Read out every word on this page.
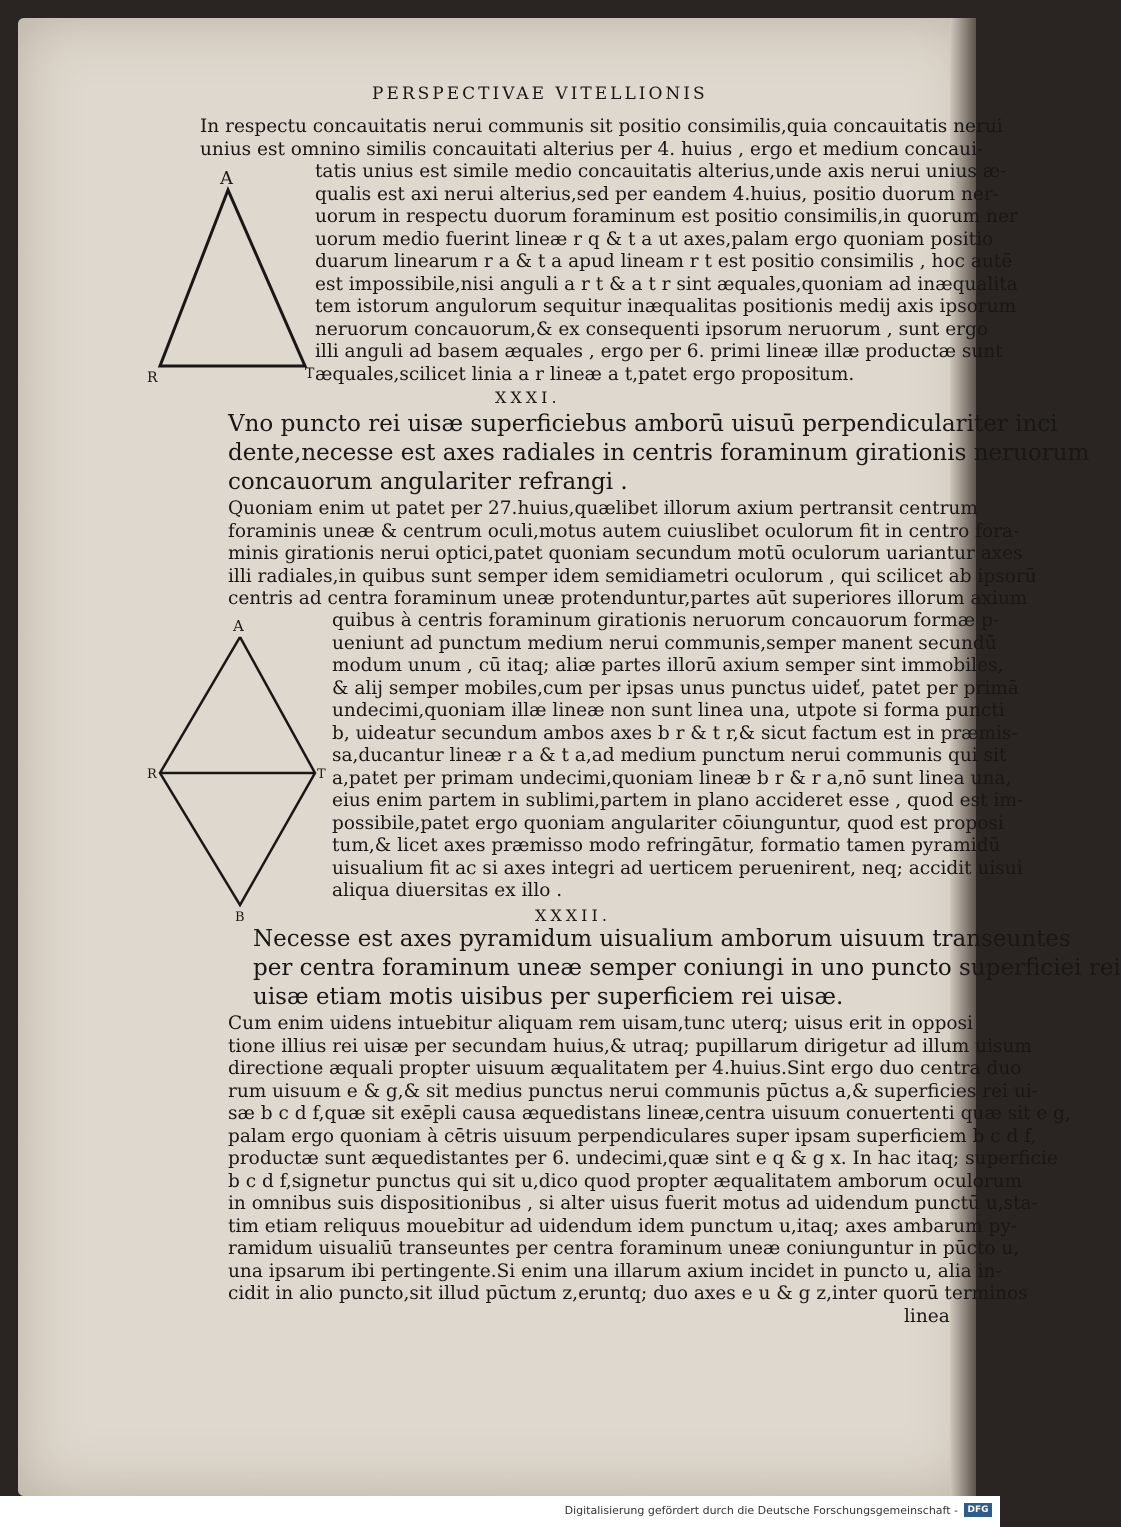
PERSPECTIVAE VITELLIONIS
In respectu concauitatis nerui communis sit positio consimilis,quia concauitatis nerui
unius est omnino similis concauitati alterius per 4. huius , ergo et medium concaui-
tatis unius est simile medio concauitatis alterius,unde axis nerui unius æ-
qualis est axi nerui alterius,sed per eandem 4.huius, positio duorum ner-
uorum in respectu duorum foraminum est positio consimilis,in quorum ner
uorum medio fuerint lineæ r q & t a ut axes,palam ergo quoniam positio
duarum linearum r a & t a apud lineam r t est positio consimilis , hoc autē
est impossibile,nisi anguli a r t & a t r sint æquales,quoniam ad inæqualita
tem istorum angulorum sequitur inæqualitas positionis medij axis ipsorum
neruorum concauorum,& ex consequenti ipsorum neruorum , sunt ergo
illi anguli ad basem æquales , ergo per 6. primi lineæ illæ productæ sunt
æquales,scilicet linia a r lineæ a t,patet ergo propositum.
A
R	T
XXXI.
Vno puncto rei uisæ superficiebus amborū uisuū perpendiculariter inci
dente,necesse est axes radiales in centris foraminum girationis neruorum
concauorum angulariter refrangi .
Quoniam enim ut patet per 27.huius,quælibet illorum axium pertransit centrum
foraminis uneæ & centrum oculi,motus autem cuiuslibet oculorum fit in centro fora-
minis girationis nerui optici,patet quoniam secundum motū oculorum uariantur axes
illi radiales,in quibus sunt semper idem semidiametri oculorum , qui scilicet ab ipsorū
centris ad centra foraminum uneæ protenduntur,partes aūt superiores illorum axium
quibus à centris foraminum girationis neruorum concauorum formæ p-
ueniunt ad punctum medium nerui communis,semper manent secundū
modum unum , cū itaq; aliæ partes illorū axium semper sint immobiles,
& alij semper mobiles,cum per ipsas unus punctus uideť, patet per primā
undecimi,quoniam illæ lineæ non sunt linea una, utpote si forma puncti
b, uideatur secundum ambos axes b r & t r,& sicut factum est in præmis-
sa,ducantur lineæ r a & t a,ad medium punctum nerui communis qui sit
a,patet per primam undecimi,quoniam lineæ b r & r a,nō sunt linea una,
eius enim partem in sublimi,partem in plano accideret esse , quod est im-
possibile,patet ergo quoniam angulariter cōiunguntur, quod est proposi
tum,& licet axes præmisso modo refringātur, formatio tamen pyramidū
uisualium fit ac si axes integri ad uerticem peruenirent, neq; accidit uisui
aliqua diuersitas ex illo .
A
R	T
B	XXXII.
Necesse est axes pyramidum uisualium amborum uisuum transeuntes
per centra foraminum uneæ semper coniungi in uno puncto superficiei rei
uisæ etiam motis uisibus per superficiem rei uisæ.
Cum enim uidens intuebitur aliquam rem uisam,tunc uterq; uisus erit in opposi
tione illius rei uisæ per secundam huius,& utraq; pupillarum dirigetur ad illum uisum
directione æquali propter uisuum æqualitatem per 4.huius.Sint ergo duo centra duo
rum uisuum e & g,& sit medius punctus nerui communis pūctus a,& superficies rei ui-
sæ b c d f,quæ sit exēpli causa æquedistans lineæ,centra uisuum conuertenti quæ sit e g,
palam ergo quoniam à cētris uisuum perpendiculares super ipsam superficiem b c d f,
productæ sunt æquedistantes per 6. undecimi,quæ sint e q & g x. In hac itaq; superficie
b c d f,signetur punctus qui sit u,dico quod propter æqualitatem amborum oculorum
in omnibus suis dispositionibus , si alter uisus fuerit motus ad uidendum punctū u,sta-
tim etiam reliquus mouebitur ad uidendum idem punctum u,itaq; axes ambarum py-
ramidum uisualiū transeuntes per centra foraminum uneæ coniunguntur in pūcto u,
una ipsarum ibi pertingente.Si enim una illarum axium incidet in puncto u, alia in-
cidit in alio puncto,sit illud pūctum z,eruntq; duo axes e u & g z,inter quorū terminos
linea
Digitalisierung gefördert durch die Deutsche Forschungsgemeinschaft -	DFG
